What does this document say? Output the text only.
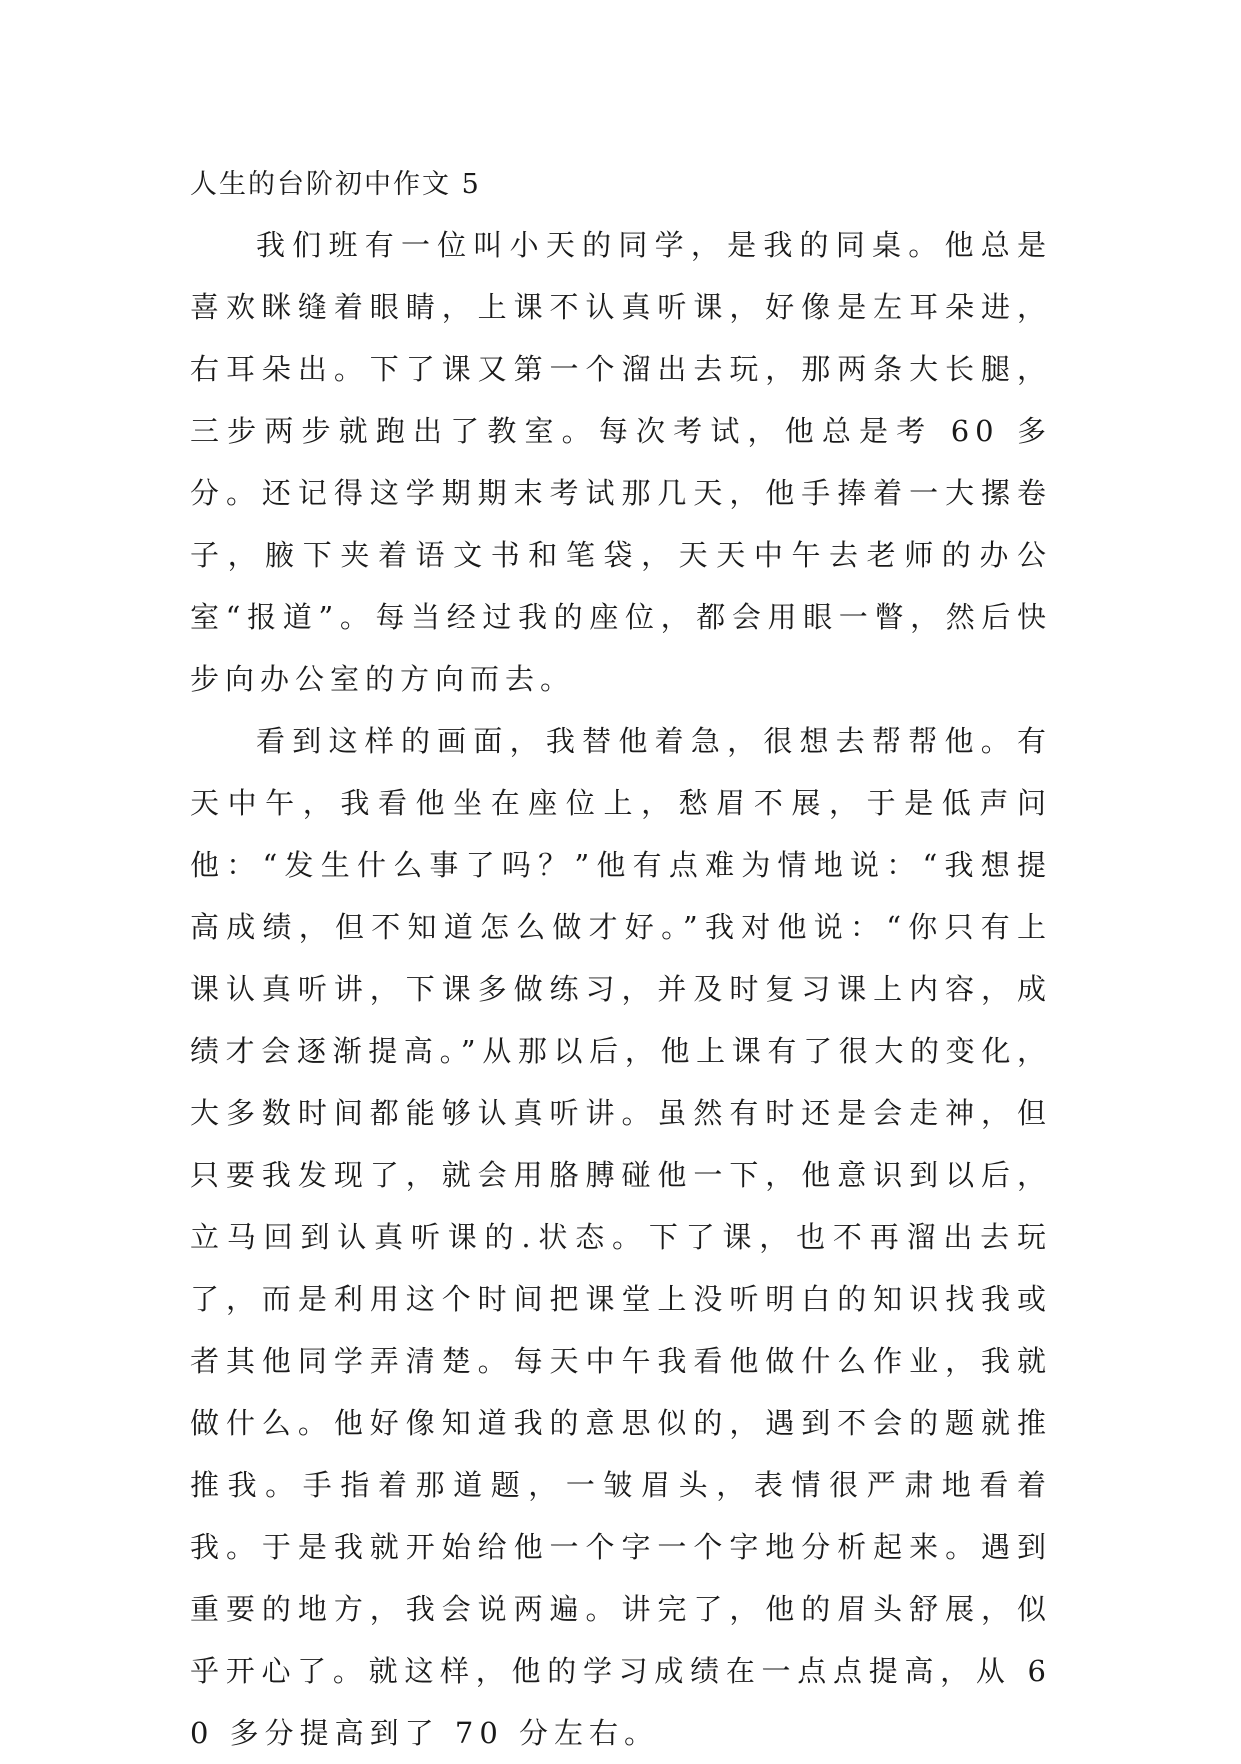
人生的台阶初中作文 5

我们班有一位叫小天的同学，是我的同桌。他总是喜欢眯缝着眼睛，上课不认真听课，好像是左耳朵进，右耳朵出。下了课又第一个溜出去玩，那两条大长腿，三步两步就跑出了教室。每次考试，他总是考 60 多分。还记得这学期期末考试那几天，他手捧着一大摞卷子，腋下夹着语文书和笔袋，天天中午去老师的办公室“报道”。每当经过我的座位，都会用眼一瞥，然后快步向办公室的方向而去。

看到这样的画面，我替他着急，很想去帮帮他。有天中午，我看他坐在座位上，愁眉不展，于是低声问他：“发生什么事了吗？”他有点难为情地说：“我想提高成绩，但不知道怎么做才好。”我对他说：“你只有上课认真听讲，下课多做练习，并及时复习课上内容，成绩才会逐渐提高。”从那以后，他上课有了很大的变化，大多数时间都能够认真听讲。虽然有时还是会走神，但只要我发现了，就会用胳膊碰他一下，他意识到以后，立马回到认真听课的.状态。下了课，也不再溜出去玩了，而是利用这个时间把课堂上没听明白的知识找我或者其他同学弄清楚。每天中午我看他做什么作业，我就做什么。他好像知道我的意思似的，遇到不会的题就推推我。手指着那道题，一皱眉头，表情很严肃地看着我。于是我就开始给他一个字一个字地分析起来。遇到重要的地方，我会说两遍。讲完了，他的眉头舒展，似乎开心了。就这样，他的学习成绩在一点点提高，从 60 多分提高到了 70 分左右。
